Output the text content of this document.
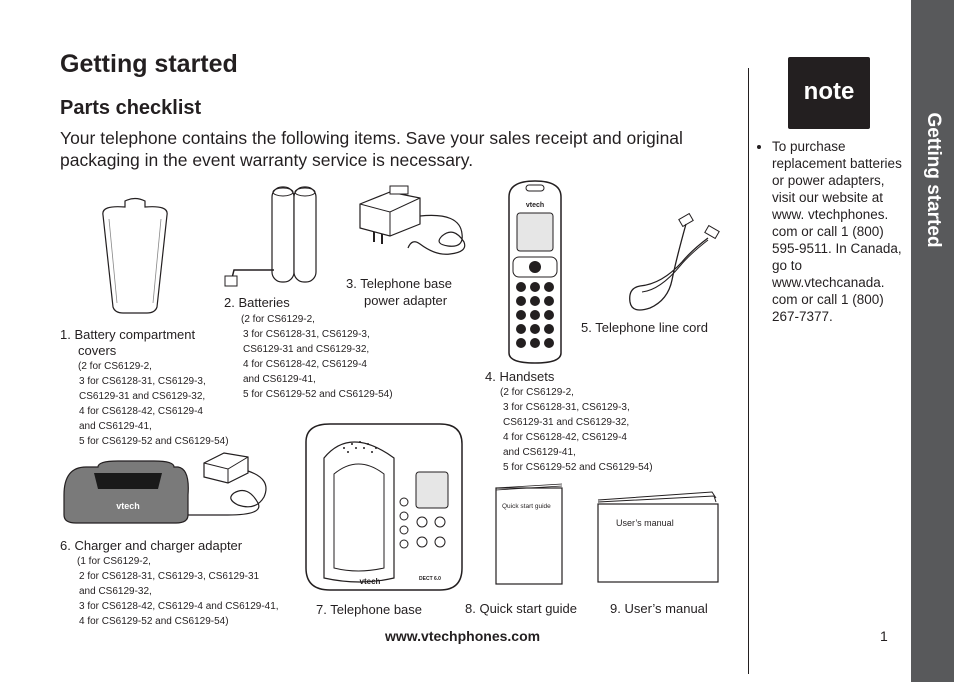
Getting started
Parts checklist
Your telephone contains the following items. Save your sales receipt and original packaging in the event warranty service is necessary.	Getting started
note
• To purchase replacement batteries or power adapters, visit our website at www. vtechphones. com or call 1 (800) 595-9511. In Canada, go to www.vtechcanada. com or call 1 (800) 267-7377.
1. Battery compartment
covers
(2 for CS6129-2,
3 for CS6128-31, CS6129-3,
CS6129-31 and CS6129-32,
4 for CS6128-42, CS6129-4
and CS6129-41,
5 for CS6129-52 and CS6129-54)
2. Batteries
(2 for CS6129-2,
3 for CS6128-31, CS6129-3,
CS6129-31 and CS6129-32,
4 for CS6128-42, CS6129-4
and CS6129-41,
5 for CS6129-52 and CS6129-54)
3. Telephone base
power adapter
vtech
4. Handsets
(2 for CS6129-2,
3 for CS6128-31, CS6129-3,
CS6129-31 and CS6129-32,
4 for CS6128-42, CS6129-4
and CS6129-41,
5 for CS6129-52 and CS6129-54)
5. Telephone line cord
vtech
6. Charger and charger adapter
(1 for CS6129-2,
2 for CS6128-31, CS6129-3, CS6129-31
and CS6129-32,
3 for CS6128-42, CS6129-4 and CS6129-41,
4 for CS6129-52 and CS6129-54)
vtech	DECT 6.0
7. Telephone base
Quick start guide
8. Quick start guide
User’s manual
9. User’s manual
www.vtechphones.com	1
